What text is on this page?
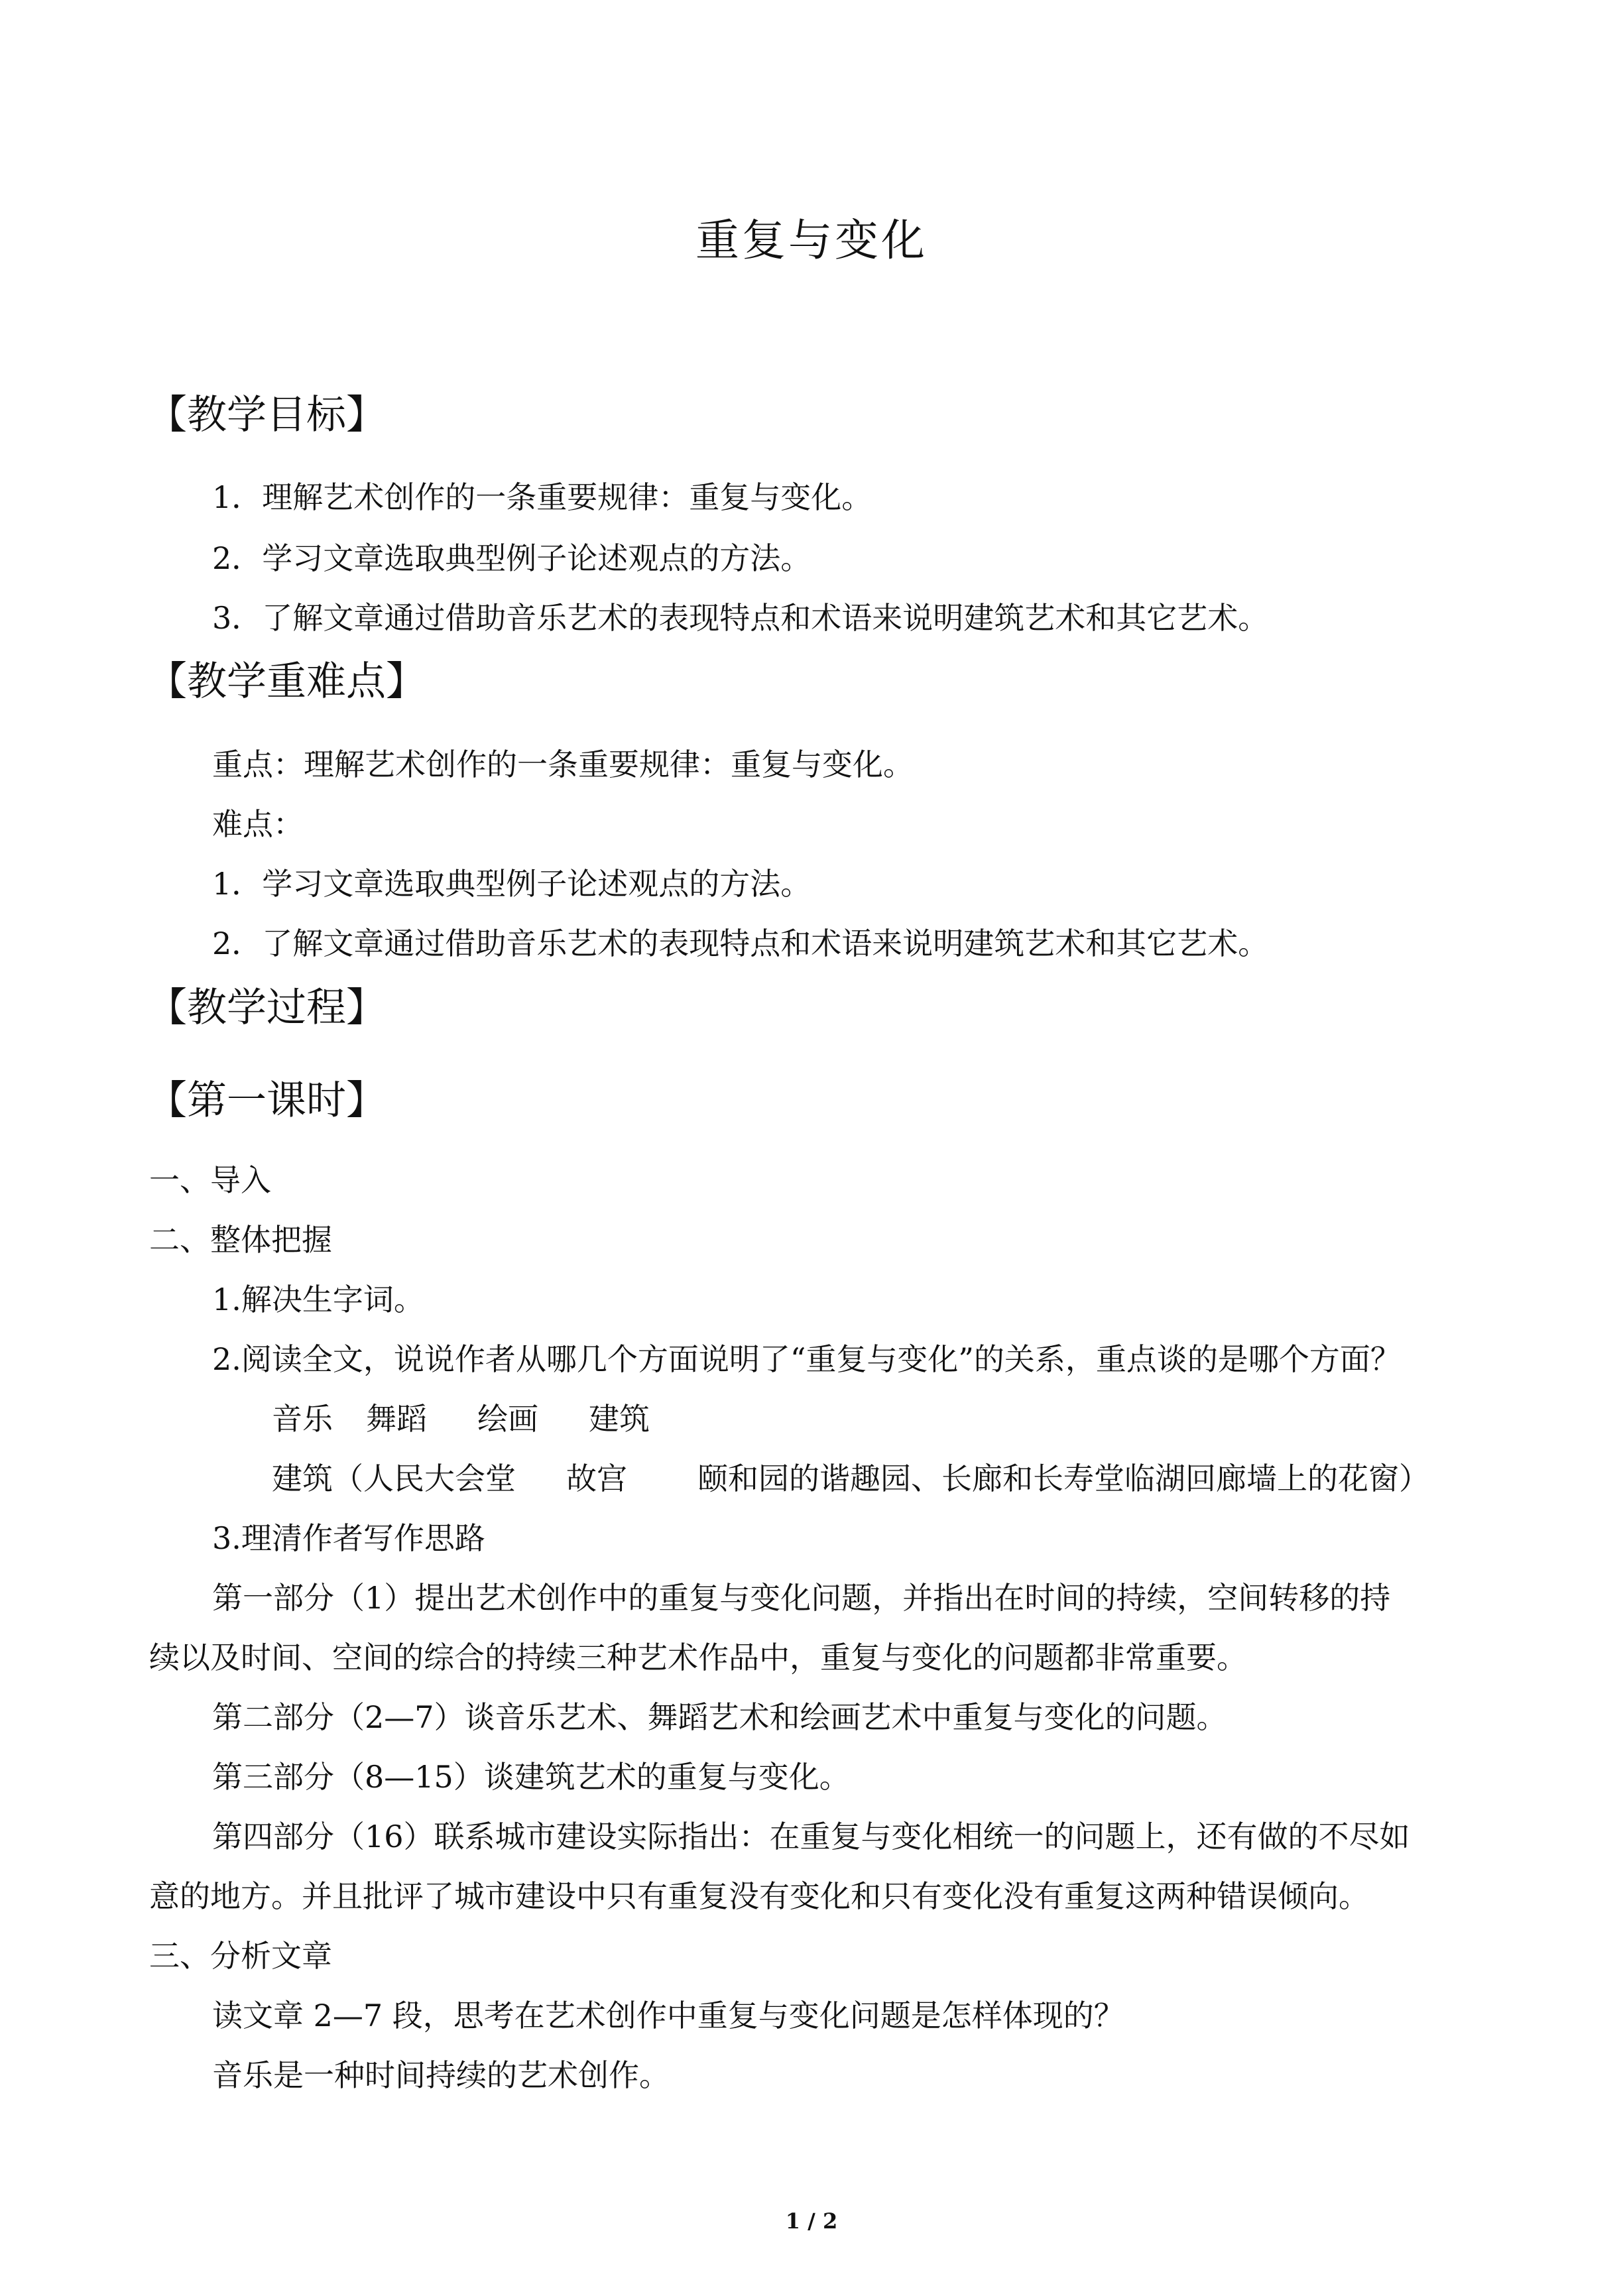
重复与变化
【教学目标】
1．理解艺术创作的一条重要规律：重复与变化。
2．学习文章选取典型例子论述观点的方法。
3．了解文章通过借助音乐艺术的表现特点和术语来说明建筑艺术和其它艺术。
【教学重难点】
重点：理解艺术创作的一条重要规律：重复与变化。
难点：
1．学习文章选取典型例子论述观点的方法。
2．了解文章通过借助音乐艺术的表现特点和术语来说明建筑艺术和其它艺术。
【教学过程】
【第一课时】
一、导入
二、整体把握
1.解决生字词。
2.阅读全文，说说作者从哪几个方面说明了“重复与变化”的关系，重点谈的是哪个方面？
音乐 舞蹈 绘画 建筑
建筑（人民大会堂 故宫 颐和园的谐趣园、长廊和长寿堂临湖回廊墙上的花窗）
3.理清作者写作思路
第一部分（1）提出艺术创作中的重复与变化问题，并指出在时间的持续，空间转移的持
续以及时间、空间的综合的持续三种艺术作品中，重复与变化的问题都非常重要。
第二部分（2—7）谈音乐艺术、舞蹈艺术和绘画艺术中重复与变化的问题。
第三部分（8—15）谈建筑艺术的重复与变化。
第四部分（16）联系城市建设实际指出：在重复与变化相统一的问题上，还有做的不尽如
意的地方。并且批评了城市建设中只有重复没有变化和只有变化没有重复这两种错误倾向。
三、分析文章
读文章 2—7 段，思考在艺术创作中重复与变化问题是怎样体现的？
音乐是一种时间持续的艺术创作。
1 / 2
